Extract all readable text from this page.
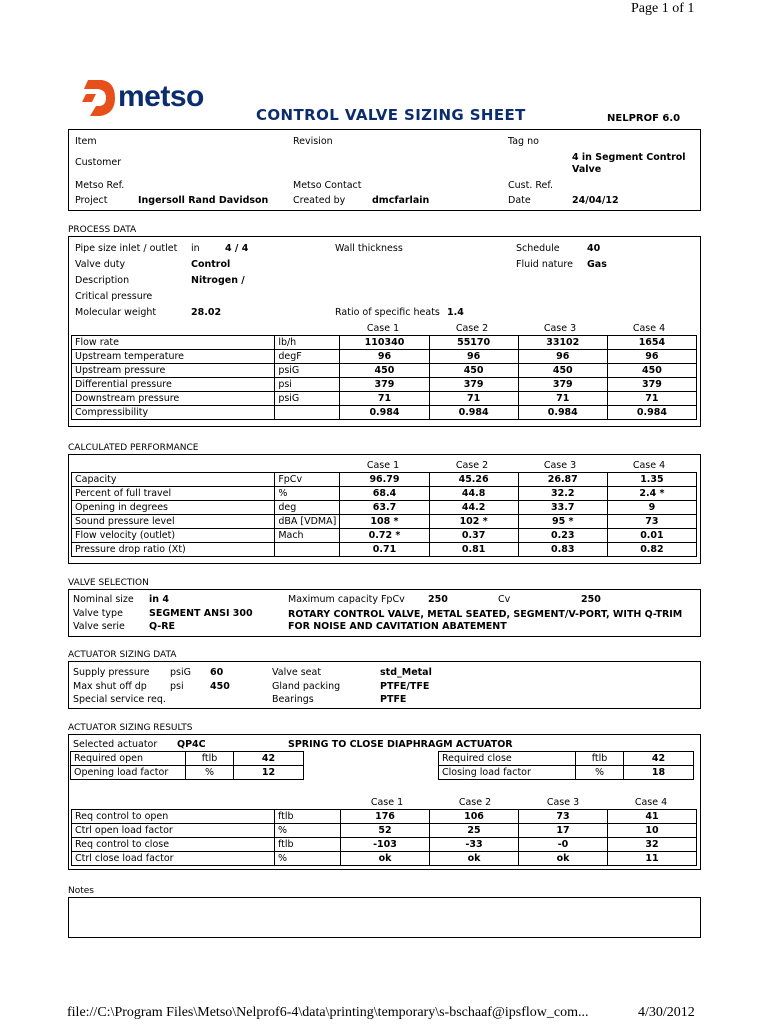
Page 1 of 1
metso
CONTROL VALVE SIZING SHEET	NELPROF 6.0
Item	Revision	Tag no
Customer	4 in Segment Control Valve
Metso Ref.	Metso Contact	Cust. Ref.
Project	Ingersoll Rand Davidson	Created by	dmcfarlain	Date	24/04/12
PROCESS DATA
Pipe size inlet / outlet in	4 / 4	Wall thickness	Schedule	40
Valve duty	Control	Fluid nature Gas
Description	Nitrogen /
Critical pressure
Molecular weight	28.02	Ratio of specific heats 1.4
Case 1	Case 2	Case 3	Case 4
Flow rate	lb/h	110340	55170	33102	1654
Upstream temperature	degF	96	96	96	96
Upstream pressure	psiG	450	450	450	450
Differential pressure	psi	379	379	379	379
Downstream pressure	psiG	71	71	71	71
Compressibility		0.984	0.984	0.984	0.984
CALCULATED PERFORMANCE
Case 1	Case 2	Case 3	Case 4
Capacity	FpCv	96.79	45.26	26.87	1.35
Percent of full travel	%	68.4	44.8	32.2	2.4 *
Opening in degrees	deg	63.7	44.2	33.7	9
Sound pressure level	dBA [VDMA]	108 *	102 *	95 *	73
Flow velocity (outlet)	Mach	0.72 *	0.37	0.23	0.01
Pressure drop ratio (Xt)		0.71	0.81	0.83	0.82
VALVE SELECTION
Nominal size in 4	Maximum capacity FpCv 250	Cv	250
Valve type	SEGMENT ANSI 300	ROTARY CONTROL VALVE, METAL SEATED, SEGMENT/V-PORT, WITH Q-TRIM
Valve serie	Q-RE	FOR NOISE AND CAVITATION ABATEMENT
ACTUATOR SIZING DATA
Supply pressure psiG 60	Valve seat	std_Metal
Max shut off dp psi	450	Gland packing	PTFE/TFE
Special service req.	Bearings	PTFE
ACTUATOR SIZING RESULTS
Selected actuator QP4C	SPRING TO CLOSE DIAPHRAGM ACTUATOR
Required open	ftlb	42
Opening load factor	%	12
Required close	ftlb	42
Closing load factor	%	18
Case 1	Case 2	Case 3	Case 4
Req control to open	ftlb	176	106	73	41
Ctrl open load factor	%	52	25	17	10
Req control to close	ftlb	-103	-33	-0	32
Ctrl close load factor	%	ok	ok	ok	11
Notes
file://C:\Program Files\Metso\Nelprof6-4\data\printing\temporary\s-bschaaf@ipsflow_com...	4/30/2012
